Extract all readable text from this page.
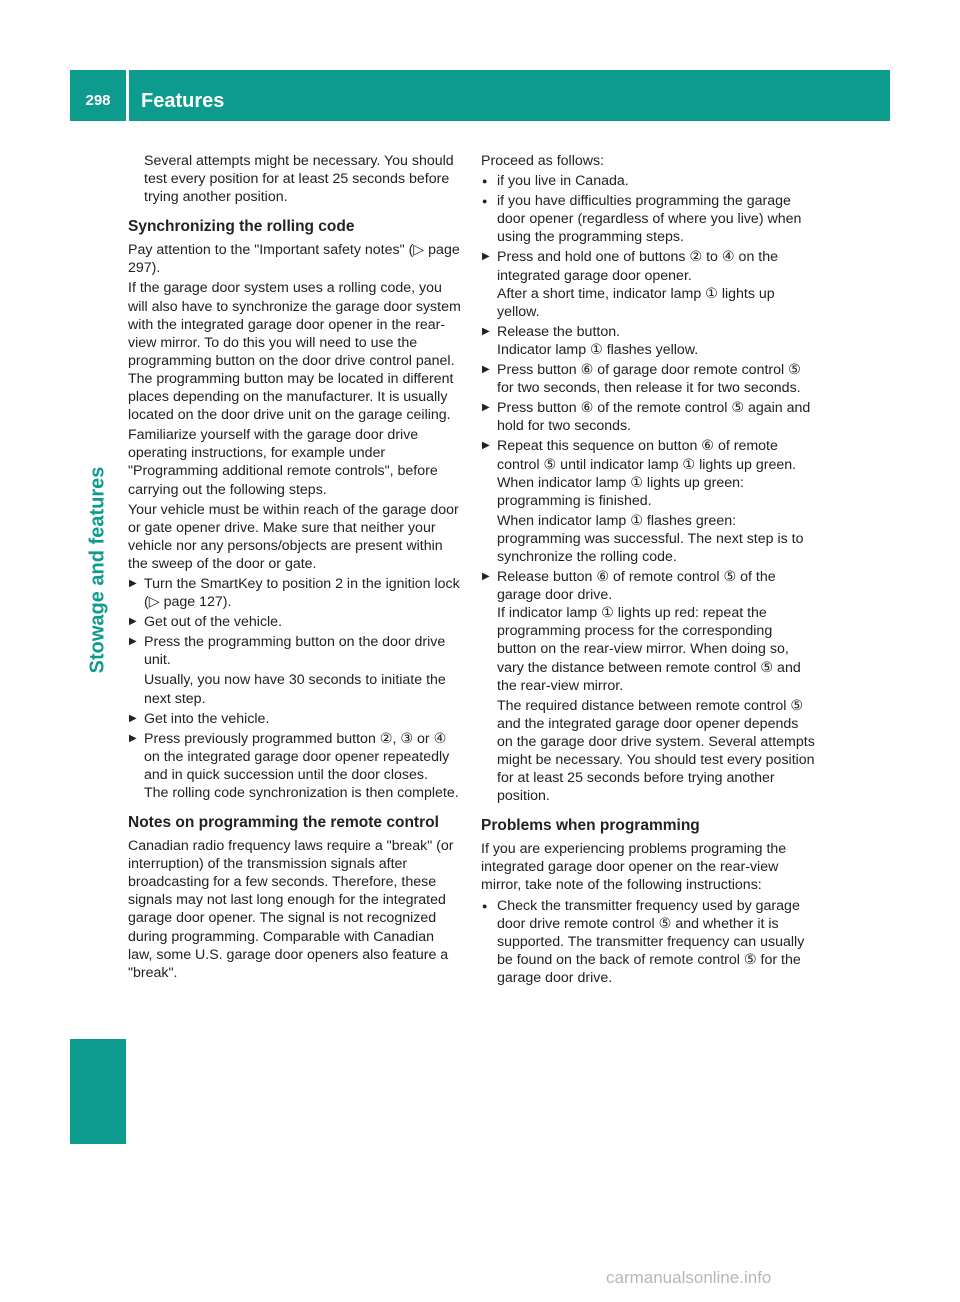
298	Features
Stowage and features

Several attempts might be necessary. You should test every position for at least 25 seconds before trying another position.

Synchronizing the rolling code

Pay attention to the "Important safety notes" (▷ page 297).

If the garage door system uses a rolling code, you will also have to synchronize the garage door system with the integrated garage door opener in the rear-view mirror. To do this you will need to use the programming button on the door drive control panel. The programming button may be located in different places depending on the manufacturer. It is usually located on the door drive unit on the garage ceiling.

Familiarize yourself with the garage door drive operating instructions, for example under "Programming additional remote controls", before carrying out the following steps.

Your vehicle must be within reach of the garage door or gate opener drive. Make sure that neither your vehicle nor any persons/objects are present within the sweep of the door or gate.

▶ Turn the SmartKey to position 2 in the ignition lock (▷ page 127).
▶ Get out of the vehicle.
▶ Press the programming button on the door drive unit.
Usually, you now have 30 seconds to initiate the next step.
▶ Get into the vehicle.
▶ Press previously programmed button ②, ③ or ④ on the integrated garage door opener repeatedly and in quick succession until the door closes.
The rolling code synchronization is then complete.
Notes on programming the remote control

Canadian radio frequency laws require a "break" (or interruption) of the transmission signals after broadcasting for a few seconds. Therefore, these signals may not last long enough for the integrated garage door opener. The signal is not recognized during programming. Comparable with Canadian law, some U.S. garage door openers also feature a "break".

Proceed as follows:

● if you live in Canada.
● if you have difficulties programming the garage door opener (regardless of where you live) when using the programming steps.
▶ Press and hold one of buttons ② to ④ on the integrated garage door opener.
After a short time, indicator lamp ① lights up yellow.
▶ Release the button.
Indicator lamp ① flashes yellow.
▶ Press button ⑥ of garage door remote control ⑤ for two seconds, then release it for two seconds.
▶ Press button ⑥ of the remote control ⑤ again and hold for two seconds.
▶ Repeat this sequence on button ⑥ of remote control ⑤ until indicator lamp ① lights up green.
When indicator lamp ① lights up green: programming is finished.
When indicator lamp ① flashes green: programming was successful. The next step is to synchronize the rolling code.
▶ Release button ⑥ of remote control ⑤ of the garage door drive.
If indicator lamp ① lights up red: repeat the programming process for the corresponding button on the rear-view mirror. When doing so, vary the distance between remote control ⑤ and the rear-view mirror.
The required distance between remote control ⑤ and the integrated garage door opener depends on the garage door drive system. Several attempts might be necessary. You should test every position for at least 25 seconds before trying another position.
Problems when programming

If you are experiencing problems programing the integrated garage door opener on the rear-view mirror, take note of the following instructions:

● Check the transmitter frequency used by garage door drive remote control ⑤ and whether it is supported. The transmitter frequency can usually be found on the back of remote control ⑤ for the garage door drive.
carmanualsonline.info
